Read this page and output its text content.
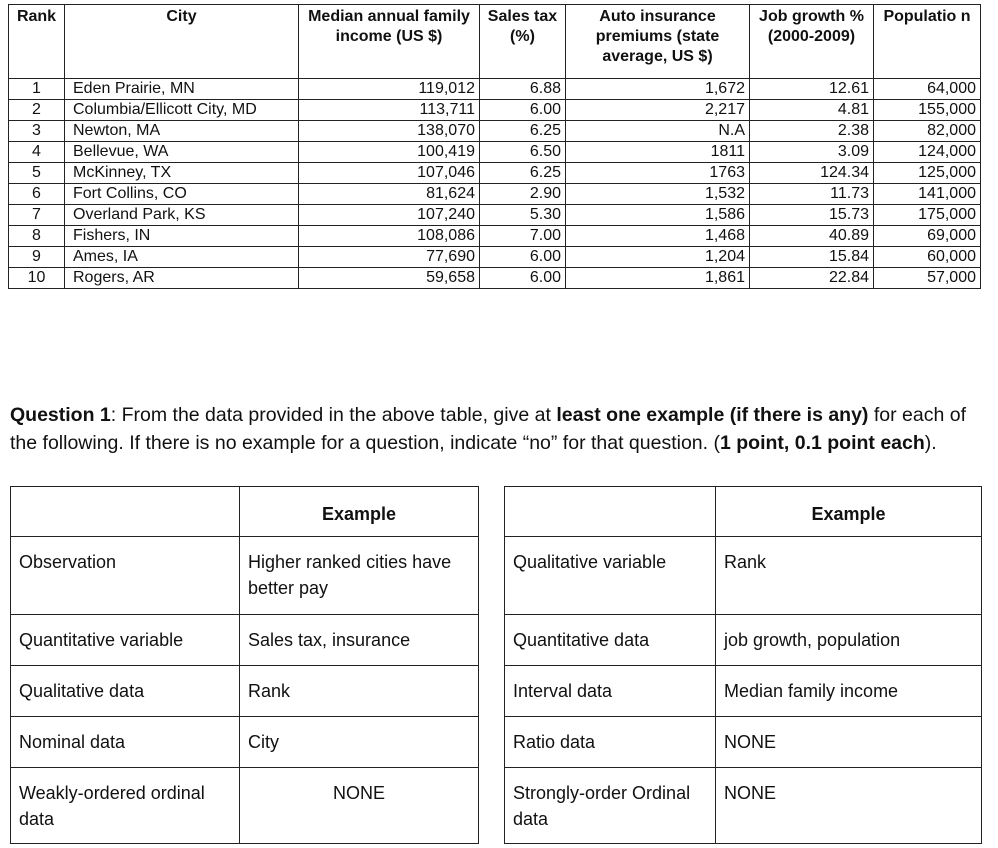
Rank	City	Median annual family income (US $)	Sales tax (%)	Auto insurance premiums (state average, US $)	Job growth % (2000-2009)	Populatio n
1	Eden Prairie, MN	119,012	6.88	1,672	12.61	64,000
2	Columbia/Ellicott City, MD	113,711	6.00	2,217	4.81	155,000
3	Newton, MA	138,070	6.25	N.A	2.38	82,000
4	Bellevue, WA	100,419	6.50	1811	3.09	124,000
5	McKinney, TX	107,046	6.25	1763	124.34	125,000
6	Fort Collins, CO	81,624	2.90	1,532	11.73	141,000
7	Overland Park, KS	107,240	5.30	1,586	15.73	175,000
8	Fishers, IN	108,086	7.00	1,468	40.89	69,000
9	Ames, IA	77,690	6.00	1,204	15.84	60,000
10	Rogers, AR	59,658	6.00	1,861	22.84	57,000

Question 1: From the data provided in the above table, give at least one example (if there is any) for each of the following. If there is no example for a question, indicate “no” for that question. (1 point, 0.1 point each).

	Example
Observation	Higher ranked cities have better pay
Quantitative variable	Sales tax, insurance
Qualitative data	Rank
Nominal data	City
Weakly-ordered ordinal data	NONE
	Example
Qualitative variable	Rank
Quantitative data	job growth, population
Interval data	Median family income
Ratio data	NONE
Strongly-order Ordinal data	NONE
